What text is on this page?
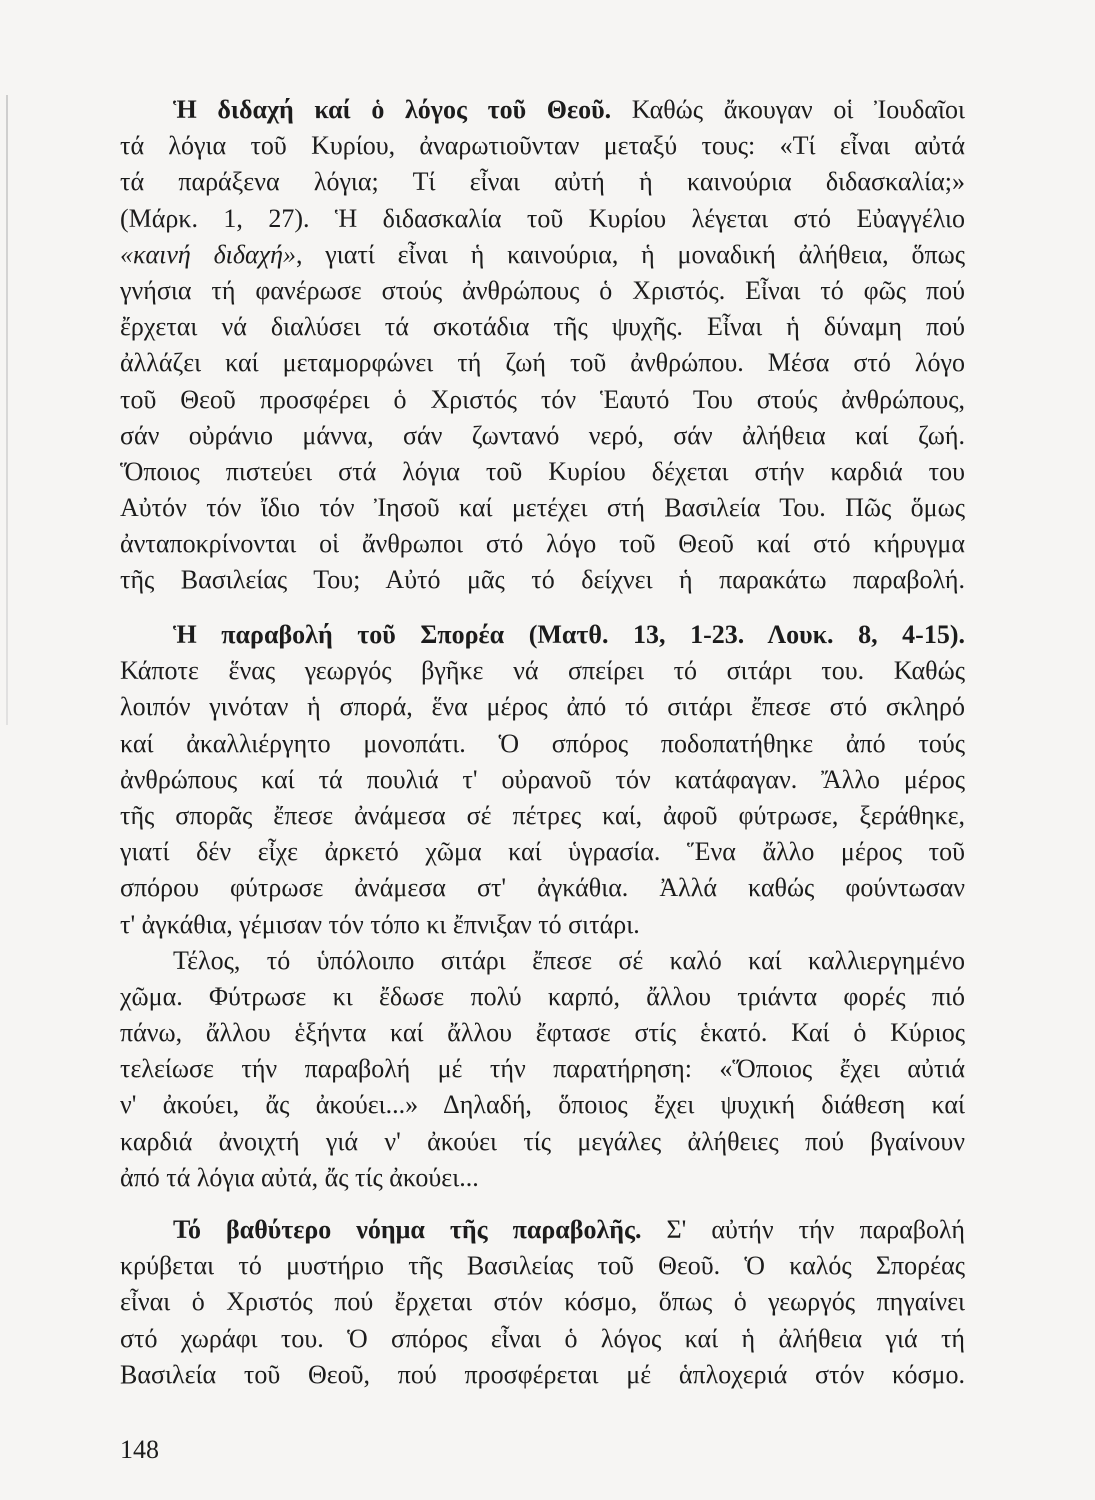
Ἡ διδαχή καί ὁ λόγος τοῦ Θεοῦ. Καθώς ἄκουγαν οἱ Ἰουδαῖοι
τά λόγια τοῦ Κυρίου, ἀναρωτιοῦνταν μεταξύ τους: «Τί εἶναι αὐτά
τά παράξενα λόγια; Τί εἶναι αὐτή ἡ καινούρια διδασκαλία;»
(Μάρκ. 1, 27). Ἡ διδασκαλία τοῦ Κυρίου λέγεται στό Εὐαγγέλιο
«καινή διδαχή», γιατί εἶναι ἡ καινούρια, ἡ μοναδική ἀλήθεια, ὅπως
γνήσια τή φανέρωσε στούς ἀνθρώπους ὁ Χριστός. Εἶναι τό φῶς πού
ἔρχεται νά διαλύσει τά σκοτάδια τῆς ψυχῆς. Εἶναι ἡ δύναμη πού
ἀλλάζει καί μεταμορφώνει τή ζωή τοῦ ἀνθρώπου. Μέσα στό λόγο
τοῦ Θεοῦ προσφέρει ὁ Χριστός τόν Ἑαυτό Του στούς ἀνθρώπους,
σάν οὐράνιο μάννα, σάν ζωντανό νερό, σάν ἀλήθεια καί ζωή.
Ὅποιος πιστεύει στά λόγια τοῦ Κυρίου δέχεται στήν καρδιά του
Αὐτόν τόν ἴδιο τόν Ἰησοῦ καί μετέχει στή Βασιλεία Του. Πῶς ὅμως
ἀνταποκρίνονται οἱ ἄνθρωποι στό λόγο τοῦ Θεοῦ καί στό κήρυγμα
τῆς Βασιλείας Του; Αὐτό μᾶς τό δείχνει ἡ παρακάτω παραβολή.
Ἡ παραβολή τοῦ Σπορέα (Ματθ. 13, 1-23. Λουκ. 8, 4-15).
Κάποτε ἕνας γεωργός βγῆκε νά σπείρει τό σιτάρι του. Καθώς
λοιπόν γινόταν ἡ σπορά, ἕνα μέρος ἀπό τό σιτάρι ἔπεσε στό σκληρό
καί ἀκαλλιέργητο μονοπάτι. Ὁ σπόρος ποδοπατήθηκε ἀπό τούς
ἀνθρώπους καί τά πουλιά τ' οὐρανοῦ τόν κατάφαγαν. Ἄλλο μέρος
τῆς σπορᾶς ἔπεσε ἀνάμεσα σέ πέτρες καί, ἀφοῦ φύτρωσε, ξεράθηκε,
γιατί δέν εἶχε ἀρκετό χῶμα καί ὑγρασία. Ἕνα ἄλλο μέρος τοῦ
σπόρου φύτρωσε ἀνάμεσα στ' ἀγκάθια. Ἀλλά καθώς φούντωσαν
τ' ἀγκάθια, γέμισαν τόν τόπο κι ἔπνιξαν τό σιτάρι.
Τέλος, τό ὑπόλοιπο σιτάρι ἔπεσε σέ καλό καί καλλιεργημένο
χῶμα. Φύτρωσε κι ἔδωσε πολύ καρπό, ἄλλου τριάντα φορές πιό
πάνω, ἄλλου ἑξήντα καί ἄλλου ἔφτασε στίς ἑκατό. Καί ὁ Κύριος
τελείωσε τήν παραβολή μέ τήν παρατήρηση: «Ὅποιος ἔχει αὐτιά
ν' ἀκούει, ἄς ἀκούει...» Δηλαδή, ὅποιος ἔχει ψυχική διάθεση καί
καρδιά ἀνοιχτή γιά ν' ἀκούει τίς μεγάλες ἀλήθειες πού βγαίνουν
ἀπό τά λόγια αὐτά, ἄς τίς ἀκούει...
Τό βαθύτερο νόημα τῆς παραβολῆς. Σ' αὐτήν τήν παραβολή
κρύβεται τό μυστήριο τῆς Βασιλείας τοῦ Θεοῦ. Ὁ καλός Σπορέας
εἶναι ὁ Χριστός πού ἔρχεται στόν κόσμο, ὅπως ὁ γεωργός πηγαίνει
στό χωράφι του. Ὁ σπόρος εἶναι ὁ λόγος καί ἡ ἀλήθεια γιά τή
Βασιλεία τοῦ Θεοῦ, πού προσφέρεται μέ ἁπλοχεριά στόν κόσμο.
148
